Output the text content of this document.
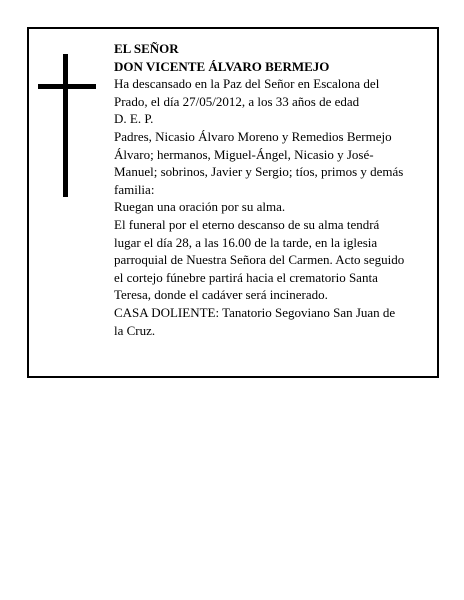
EL SEÑOR

DON VICENTE ÁLVARO BERMEJO

Ha descansado en la Paz del Señor en Escalona del Prado, el día 27/05/2012, a los 33 años de edad

D. E. P.

Padres, Nicasio Álvaro Moreno y Remedios Bermejo Álvaro; hermanos, Miguel-Ángel, Nicasio y José-Manuel; sobrinos, Javier y Sergio; tíos, primos y demás familia:

Ruegan una oración por su alma.

El funeral por el eterno descanso de su alma tendrá lugar el día 28, a las 16.00 de la tarde, en la iglesia parroquial de Nuestra Señora del Carmen. Acto seguido el cortejo fúnebre partirá hacia el crematorio Santa Teresa, donde el cadáver será incinerado.

CASA DOLIENTE: Tanatorio Segoviano San Juan de la Cruz.
